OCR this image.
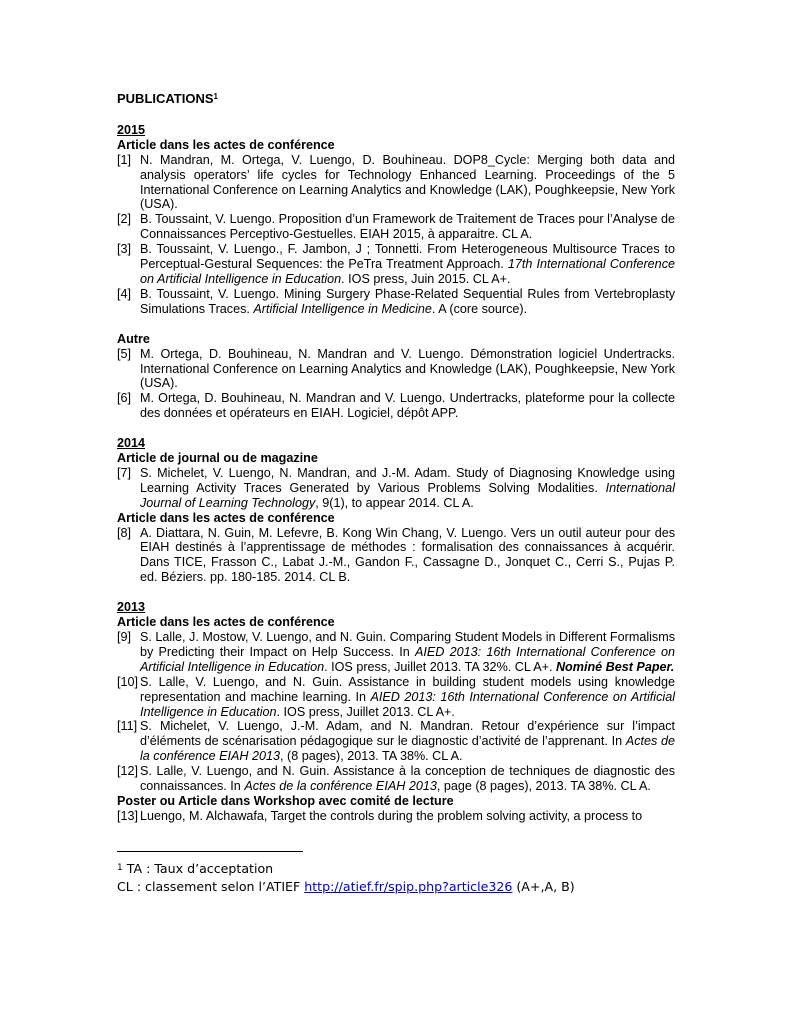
PUBLICATIONS$^1$
2015
Article dans les actes de conférence
[1] N. Mandran, M. Ortega, V. Luengo, D. Bouhineau. DOP8_Cycle: Merging both data and analysis operators’ life cycles for Technology Enhanced Learning. Proceedings of the 5 International Conference on Learning Analytics and Knowledge (LAK), Poughkeepsie, New York (USA).
[2] B. Toussaint, V. Luengo. Proposition d’un Framework de Traitement de Traces pour l’Analyse de Connaissances Perceptivo-Gestuelles. EIAH 2015, à apparaitre. CL A.
[3] B. Toussaint, V. Luengo., F. Jambon, J ; Tonnetti. From Heterogeneous Multisource Traces to Perceptual-Gestural Sequences: the PeTra Treatment Approach. 17th International Conference on Artificial Intelligence in Education. IOS press, Juin 2015. CL A+.
[4] B. Toussaint, V. Luengo. Mining Surgery Phase-Related Sequential Rules from Vertebroplasty Simulations Traces. Artificial Intelligence in Medicine. A (core source).
Autre
[5] M. Ortega, D. Bouhineau, N. Mandran and V. Luengo. Démonstration logiciel Undertracks. International Conference on Learning Analytics and Knowledge (LAK), Poughkeepsie, New York (USA).
[6] M. Ortega, D. Bouhineau, N. Mandran and V. Luengo. Undertracks, plateforme pour la collecte des données et opérateurs en EIAH. Logiciel, dépôt APP.
2014
Article de journal ou de magazine
[7] S. Michelet, V. Luengo, N. Mandran, and J.-M. Adam. Study of Diagnosing Knowledge using Learning Activity Traces Generated by Various Problems Solving Modalities. International Journal of Learning Technology, 9(1), to appear 2014. CL A.
Article dans les actes de conférence
[8] A. Diattara, N. Guin, M. Lefevre, B. Kong Win Chang, V. Luengo. Vers un outil auteur pour des EIAH destinés à l’apprentissage de méthodes : formalisation des connaissances à acquérir. Dans TICE, Frasson C., Labat J.-M., Gandon F., Cassagne D., Jonquet C., Cerri S., Pujas P. ed. Béziers. pp. 180-185. 2014. CL B.
2013
Article dans les actes de conférence
[9] S. Lalle, J. Mostow, V. Luengo, and N. Guin. Comparing Student Models in Different Formalisms by Predicting their Impact on Help Success. In AIED 2013: 16th International Conference on Artificial Intelligence in Education. IOS press, Juillet 2013. TA 32%. CL A+. Nominé Best Paper.
[10] S. Lalle, V. Luengo, and N. Guin. Assistance in building student models using knowledge representation and machine learning. In AIED 2013: 16th International Conference on Artificial Intelligence in Education. IOS press, Juillet 2013. CL A+.
[11] S. Michelet, V. Luengo, J.-M. Adam, and N. Mandran. Retour d’expérience sur l’impact d’éléments de scénarisation pédagogique sur le diagnostic d’activité de l’apprenant. In Actes de la conférence EIAH 2013, (8 pages), 2013. TA 38%. CL A.
[12] S. Lalle, V. Luengo, and N. Guin. Assistance à la conception de techniques de diagnostic des connaissances. In Actes de la conférence EIAH 2013, page (8 pages), 2013. TA 38%. CL A.
Poster ou Article dans Workshop avec comité de lecture
[13] Luengo, M. Alchawafa, Target the controls during the problem solving activity, a process to
$^1$ TA : Taux d’acceptation
CL : classement selon l’ATIEF http://atief.fr/spip.php?article326 (A+,A, B)
